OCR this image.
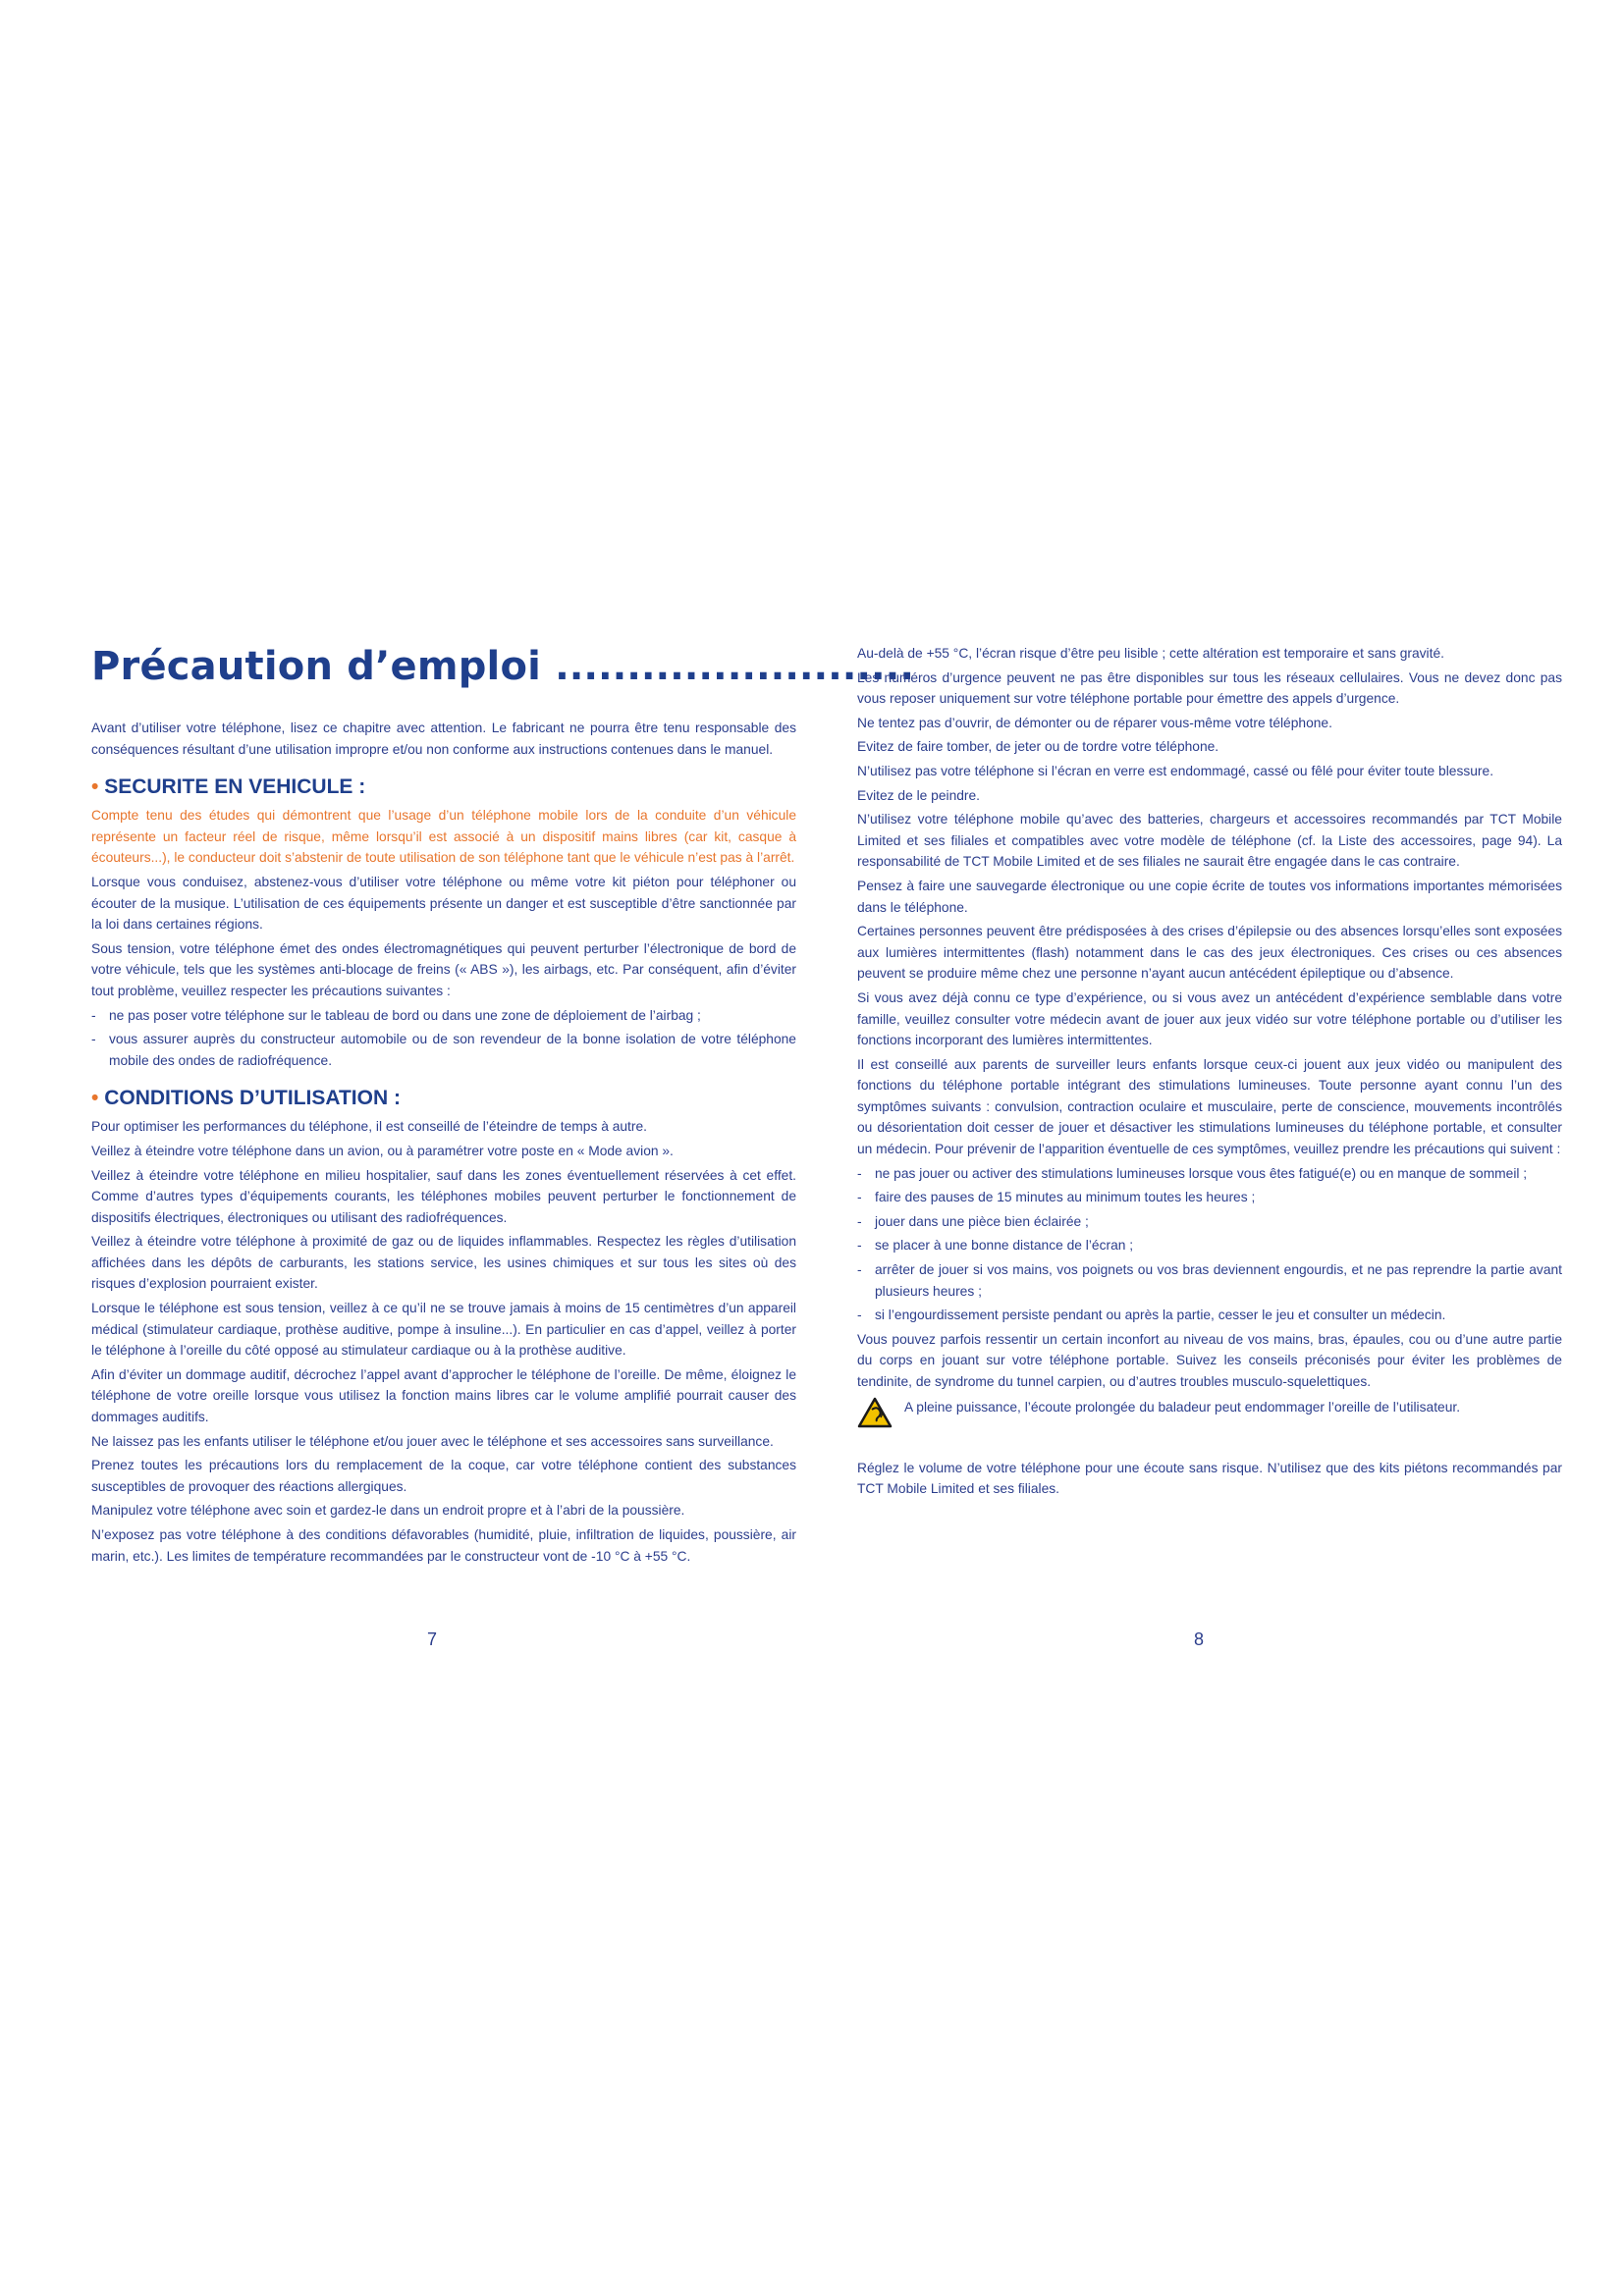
Précaution d’emploi .........................

Avant d’utiliser votre téléphone, lisez ce chapitre avec attention. Le fabricant ne pourra être tenu responsable des conséquences résultant d’une utilisation impropre et/ou non conforme aux instructions contenues dans le manuel.

• SECURITE EN VEHICULE :

Compte tenu des études qui démontrent que l’usage d’un téléphone mobile lors de la conduite d’un véhicule représente un facteur réel de risque, même lorsqu’il est associé à un dispositif mains libres (car kit, casque à écouteurs...), le conducteur doit s’abstenir de toute utilisation de son téléphone tant que le véhicule n’est pas à l’arrêt.

Lorsque vous conduisez, abstenez-vous d’utiliser votre téléphone ou même votre kit piéton pour téléphoner ou écouter de la musique. L’utilisation de ces équipements présente un danger et est susceptible d’être sanctionnée par la loi dans certaines régions.

Sous tension, votre téléphone émet des ondes électromagnétiques qui peuvent perturber l’électronique de bord de votre véhicule, tels que les systèmes anti-blocage de freins (« ABS »), les airbags, etc. Par conséquent, afin d’éviter tout problème, veuillez respecter les précautions suivantes :

- ne pas poser votre téléphone sur le tableau de bord ou dans une zone de déploiement de l’airbag ;
- vous assurer auprès du constructeur automobile ou de son revendeur de la bonne isolation de votre téléphone mobile des ondes de radiofréquence.
• CONDITIONS D’UTILISATION :

Pour optimiser les performances du téléphone, il est conseillé de l’éteindre de temps à autre.

Veillez à éteindre votre téléphone dans un avion, ou à paramétrer votre poste en « Mode avion ».

Veillez à éteindre votre téléphone en milieu hospitalier, sauf dans les zones éventuellement réservées à cet effet. Comme d’autres types d’équipements courants, les téléphones mobiles peuvent perturber le fonctionnement de dispositifs électriques, électroniques ou utilisant des radiofréquences.

Veillez à éteindre votre téléphone à proximité de gaz ou de liquides inflammables. Respectez les règles d’utilisation affichées dans les dépôts de carburants, les stations service, les usines chimiques et sur tous les sites où des risques d’explosion pourraient exister.

Lorsque le téléphone est sous tension, veillez à ce qu’il ne se trouve jamais à moins de 15 centimètres d’un appareil médical (stimulateur cardiaque, prothèse auditive, pompe à insuline...). En particulier en cas d’appel, veillez à porter le téléphone à l’oreille du côté opposé au stimulateur cardiaque ou à la prothèse auditive.

Afin d’éviter un dommage auditif, décrochez l’appel avant d’approcher le téléphone de l’oreille. De même, éloignez le téléphone de votre oreille lorsque vous utilisez la fonction mains libres car le volume amplifié pourrait causer des dommages auditifs.

Ne laissez pas les enfants utiliser le téléphone et/ou jouer avec le téléphone et ses accessoires sans surveillance.

Prenez toutes les précautions lors du remplacement de la coque, car votre téléphone contient des substances susceptibles de provoquer des réactions allergiques.

Manipulez votre téléphone avec soin et gardez-le dans un endroit propre et à l’abri de la poussière.

N’exposez pas votre téléphone à des conditions défavorables (humidité, pluie, infiltration de liquides, poussière, air marin, etc.). Les limites de température recommandées par le constructeur vont de -10 °C à +55 °C.

Au-delà de +55 °C, l’écran risque d’être peu lisible ; cette altération est temporaire et sans gravité.

Les numéros d’urgence peuvent ne pas être disponibles sur tous les réseaux cellulaires. Vous ne devez donc pas vous reposer uniquement sur votre téléphone portable pour émettre des appels d’urgence.

Ne tentez pas d’ouvrir, de démonter ou de réparer vous-même votre téléphone.

Evitez de faire tomber, de jeter ou de tordre votre téléphone.

N’utilisez pas votre téléphone si l’écran en verre est endommagé, cassé ou fêlé pour éviter toute blessure.

Evitez de le peindre.

N’utilisez votre téléphone mobile qu’avec des batteries, chargeurs et accessoires recommandés par TCT Mobile Limited et ses filiales et compatibles avec votre modèle de téléphone (cf. la Liste des accessoires, page 94). La responsabilité de TCT Mobile Limited et de ses filiales ne saurait être engagée dans le cas contraire.

Pensez à faire une sauvegarde électronique ou une copie écrite de toutes vos informations importantes mémorisées dans le téléphone.

Certaines personnes peuvent être prédisposées à des crises d’épilepsie ou des absences lorsqu’elles sont exposées aux lumières intermittentes (flash) notamment dans le cas des jeux électroniques. Ces crises ou ces absences peuvent se produire même chez une personne n’ayant aucun antécédent épileptique ou d’absence.

Si vous avez déjà connu ce type d’expérience, ou si vous avez un antécédent d’expérience semblable dans votre famille, veuillez consulter votre médecin avant de jouer aux jeux vidéo sur votre téléphone portable ou d’utiliser les fonctions incorporant des lumières intermittentes.

Il est conseillé aux parents de surveiller leurs enfants lorsque ceux-ci jouent aux jeux vidéo ou manipulent des fonctions du téléphone portable intégrant des stimulations lumineuses. Toute personne ayant connu l’un des symptômes suivants : convulsion, contraction oculaire et musculaire, perte de conscience, mouvements incontrôlés ou désorientation doit cesser de jouer et désactiver les stimulations lumineuses du téléphone portable, et consulter un médecin. Pour prévenir de l’apparition éventuelle de ces symptômes, veuillez prendre les précautions qui suivent :

- ne pas jouer ou activer des stimulations lumineuses lorsque vous êtes fatigué(e) ou en manque de sommeil ;
- faire des pauses de 15 minutes au minimum toutes les heures ;
- jouer dans une pièce bien éclairée ;
- se placer à une bonne distance de l’écran ;
- arrêter de jouer si vos mains, vos poignets ou vos bras deviennent engourdis, et ne pas reprendre la partie avant plusieurs heures ;
- si l’engourdissement persiste pendant ou après la partie, cesser le jeu et consulter un médecin.

Vous pouvez parfois ressentir un certain inconfort au niveau de vos mains, bras, épaules, cou ou d’une autre partie du corps en jouant sur votre téléphone portable. Suivez les conseils préconisés pour éviter les problèmes de tendinite, de syndrome du tunnel carpien, ou d’autres troubles musculo-squelettiques.

A pleine puissance, l’écoute prolongée du baladeur peut endommager l’oreille de l’utilisateur.

Réglez le volume de votre téléphone pour une écoute sans risque. N’utilisez que des kits piétons recommandés par TCT Mobile Limited et ses filiales.

7	8
